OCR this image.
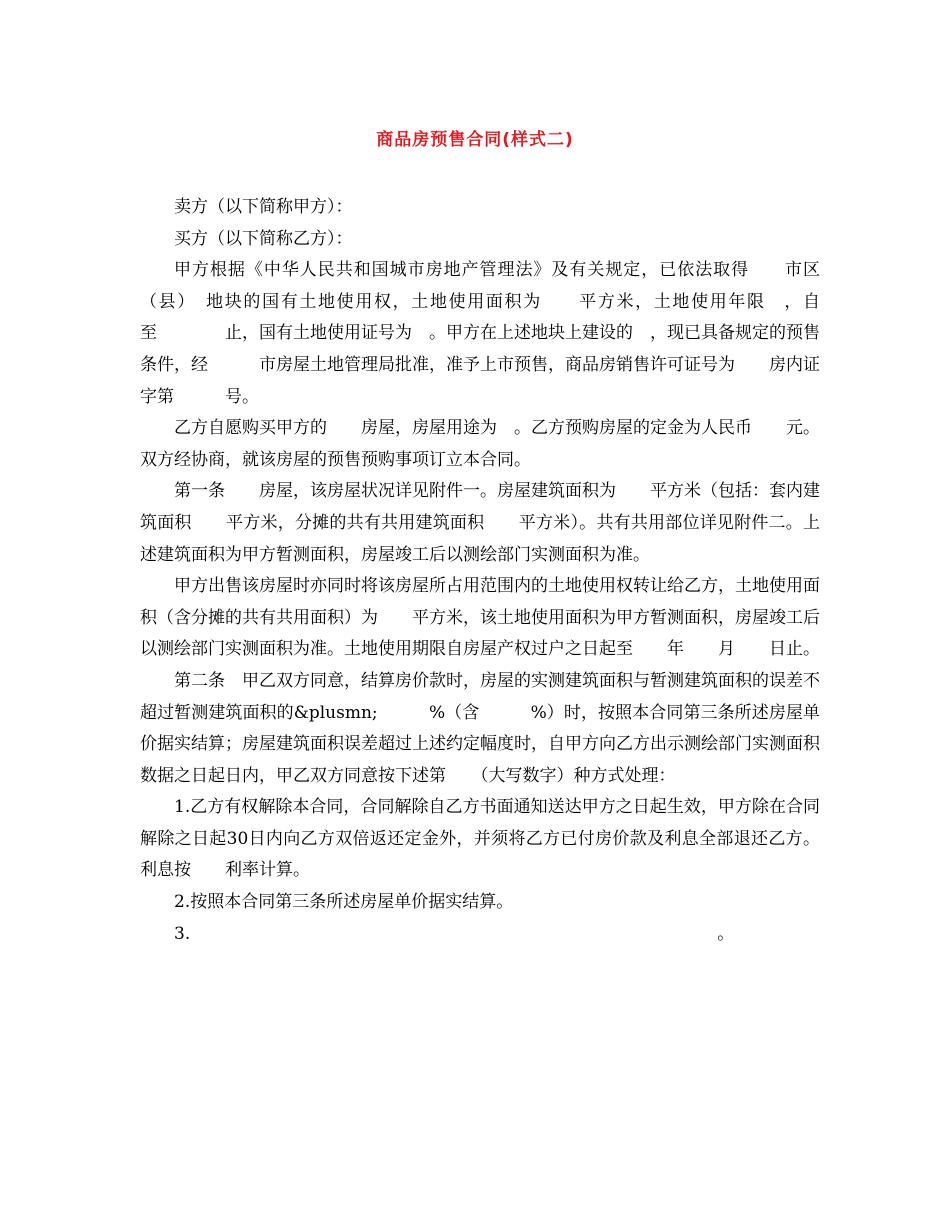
商品房预售合同(样式二)

卖方（以下简称甲方）：

买方（以下简称乙方）：

甲方根据《中华人民共和国城市房地产管理法》及有关规定，已依法取得　　市区（县）　地块的国有土地使用权，土地使用面积为　　平方米，土地使用年限　，自　　　　至　　　　止，国有土地使用证号为　。甲方在上述地块上建设的　，现已具备规定的预售条件，经　　　市房屋土地管理局批准，准予上市预售，商品房销售许可证号为　　房内证字第　　　号。

乙方自愿购买甲方的　　房屋，房屋用途为　。乙方预购房屋的定金为人民币　　元。双方经协商，就该房屋的预售预购事项订立本合同。

第一条　　房屋，该房屋状况详见附件一。房屋建筑面积为　　平方米（包括：套内建筑面积　　平方米，分摊的共有共用建筑面积　　平方米）。共有共用部位详见附件二。上述建筑面积为甲方暂测面积，房屋竣工后以测绘部门实测面积为准。

甲方出售该房屋时亦同时将该房屋所占用范围内的土地使用权转让给乙方，土地使用面积（含分摊的共有共用面积）为　　平方米，该土地使用面积为甲方暂测面积，房屋竣工后以测绘部门实测面积为准。土地使用期限自房屋产权过户之日起至　　年　　月　　日止。

第二条　甲乙双方同意，结算房价款时，房屋的实测建筑面积与暂测建筑面积的误差不超过暂测建筑面积的&plusmn;　　　%（含　　　%）时，按照本合同第三条所述房屋单价据实结算；房屋建筑面积误差超过上述约定幅度时，自甲方向乙方出示测绘部门实测面积数据之日起日内，甲乙双方同意按下述第　　（大写数字）种方式处理：

1.乙方有权解除本合同，合同解除自乙方书面通知送达甲方之日起生效，甲方除在合同解除之日起30日内向乙方双倍返还定金外，并须将乙方已付房价款及利息全部退还乙方。利息按　　利率计算。

2.按照本合同第三条所述房屋单价据实结算。

3.　　　　　　　　　　　　　　　　　　　　　　　　　　　　　　　。
